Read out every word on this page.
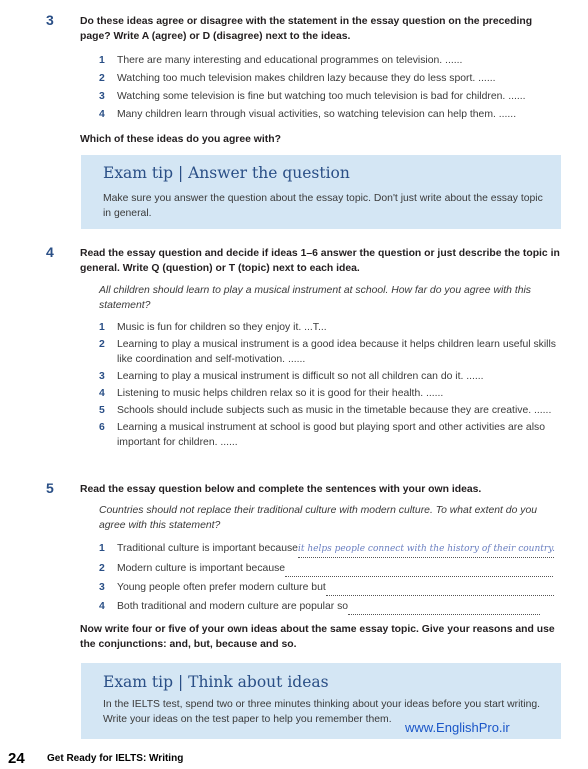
3	Do these ideas agree or disagree with the statement in the essay question on the preceding page? Write A (agree) or D (disagree) next to the ideas.
1 There are many interesting and educational programmes on television. ......
2 Watching too much television makes children lazy because they do less sport. ......
3 Watching some television is fine but watching too much television is bad for children. ......
4 Many children learn through visual activities, so watching television can help them. ......
Which of these ideas do you agree with?
Exam tip | Answer the question
Make sure you answer the question about the essay topic. Don't just write about the essay topic in general.
4	Read the essay question and decide if ideas 1–6 answer the question or just describe the topic in general. Write Q (question) or T (topic) next to each idea.
All children should learn to play a musical instrument at school. How far do you agree with this statement?
1 Music is fun for children so they enjoy it. ...T...
2 Learning to play a musical instrument is a good idea because it helps children learn useful skills like coordination and self-motivation. ......
3 Learning to play a musical instrument is difficult so not all children can do it. ......
4 Listening to music helps children relax so it is good for their health. ......
5 Schools should include subjects such as music in the timetable because they are creative. ......
6 Learning a musical instrument at school is good but playing sport and other activities are also important for children. ......
5	Read the essay question below and complete the sentences with your own ideas.
Countries should not replace their traditional culture with modern culture. To what extent do you agree with this statement?
1 Traditional culture is important becauseit helps people connect with the history of their country.
2 Modern culture is important because
3 Young people often prefer modern culture but
4 Both traditional and modern culture are popular so
Now write four or five of your own ideas about the same essay topic. Give your reasons and use the conjunctions: and, but, because and so.
Exam tip | Think about ideas
In the IELTS test, spend two or three minutes thinking about your ideas before you start writing. Write your ideas on the test paper to help you remember them.
www.EnglishPro.ir
24 Get Ready for IELTS: Writing
